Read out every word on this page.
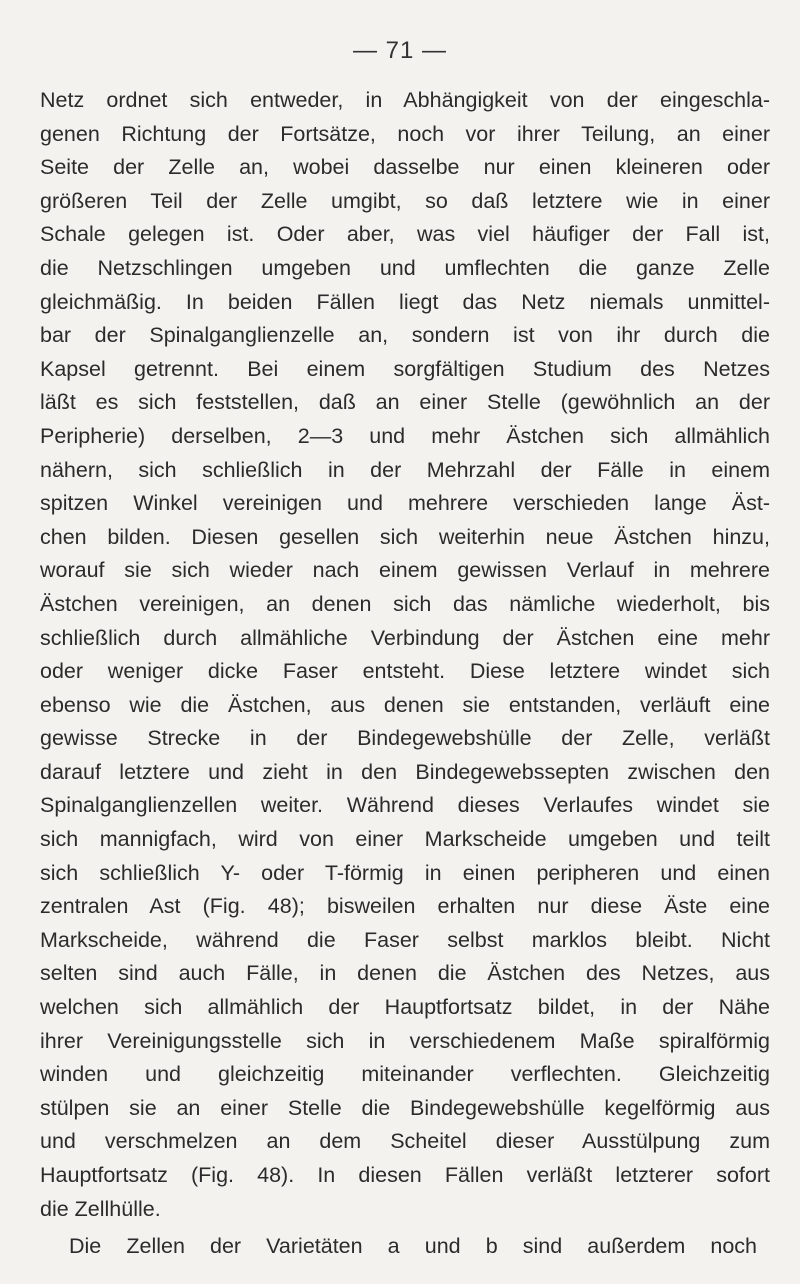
— 71 —
Netz ordnet sich entweder, in Abhängigkeit von der eingeschla-
genen Richtung der Fortsätze, noch vor ihrer Teilung, an einer
Seite der Zelle an, wobei dasselbe nur einen kleineren oder
größeren Teil der Zelle umgibt, so daß letztere wie in einer
Schale gelegen ist. Oder aber, was viel häufiger der Fall ist,
die Netzschlingen umgeben und umflechten die ganze Zelle
gleichmäßig. In beiden Fällen liegt das Netz niemals unmittel-
bar der Spinalganglienzelle an, sondern ist von ihr durch die
Kapsel getrennt. Bei einem sorgfältigen Studium des Netzes
läßt es sich feststellen, daß an einer Stelle (gewöhnlich an der
Peripherie) derselben, 2—3 und mehr Ästchen sich allmählich
nähern, sich schließlich in der Mehrzahl der Fälle in einem
spitzen Winkel vereinigen und mehrere verschieden lange Äst-
chen bilden. Diesen gesellen sich weiterhin neue Ästchen hinzu,
worauf sie sich wieder nach einem gewissen Verlauf in mehrere
Ästchen vereinigen, an denen sich das nämliche wiederholt, bis
schließlich durch allmähliche Verbindung der Ästchen eine mehr
oder weniger dicke Faser entsteht. Diese letztere windet sich
ebenso wie die Ästchen, aus denen sie entstanden, verläuft eine
gewisse Strecke in der Bindegewebshülle der Zelle, verläßt
darauf letztere und zieht in den Bindegewebssepten zwischen den
Spinalganglienzellen weiter. Während dieses Verlaufes windet sie
sich mannigfach, wird von einer Markscheide umgeben und teilt
sich schließlich Y- oder T-förmig in einen peripheren und einen
zentralen Ast (Fig. 48); bisweilen erhalten nur diese Äste eine
Markscheide, während die Faser selbst marklos bleibt. Nicht
selten sind auch Fälle, in denen die Ästchen des Netzes, aus
welchen sich allmählich der Hauptfortsatz bildet, in der Nähe
ihrer Vereinigungsstelle sich in verschiedenem Maße spiralförmig
winden und gleichzeitig miteinander verflechten. Gleichzeitig
stülpen sie an einer Stelle die Bindegewebshülle kegelförmig aus
und verschmelzen an dem Scheitel dieser Ausstülpung zum
Hauptfortsatz (Fig. 48). In diesen Fällen verläßt letzterer sofort
die Zellhülle.
Die Zellen der Varietäten a und b sind außerdem noch
